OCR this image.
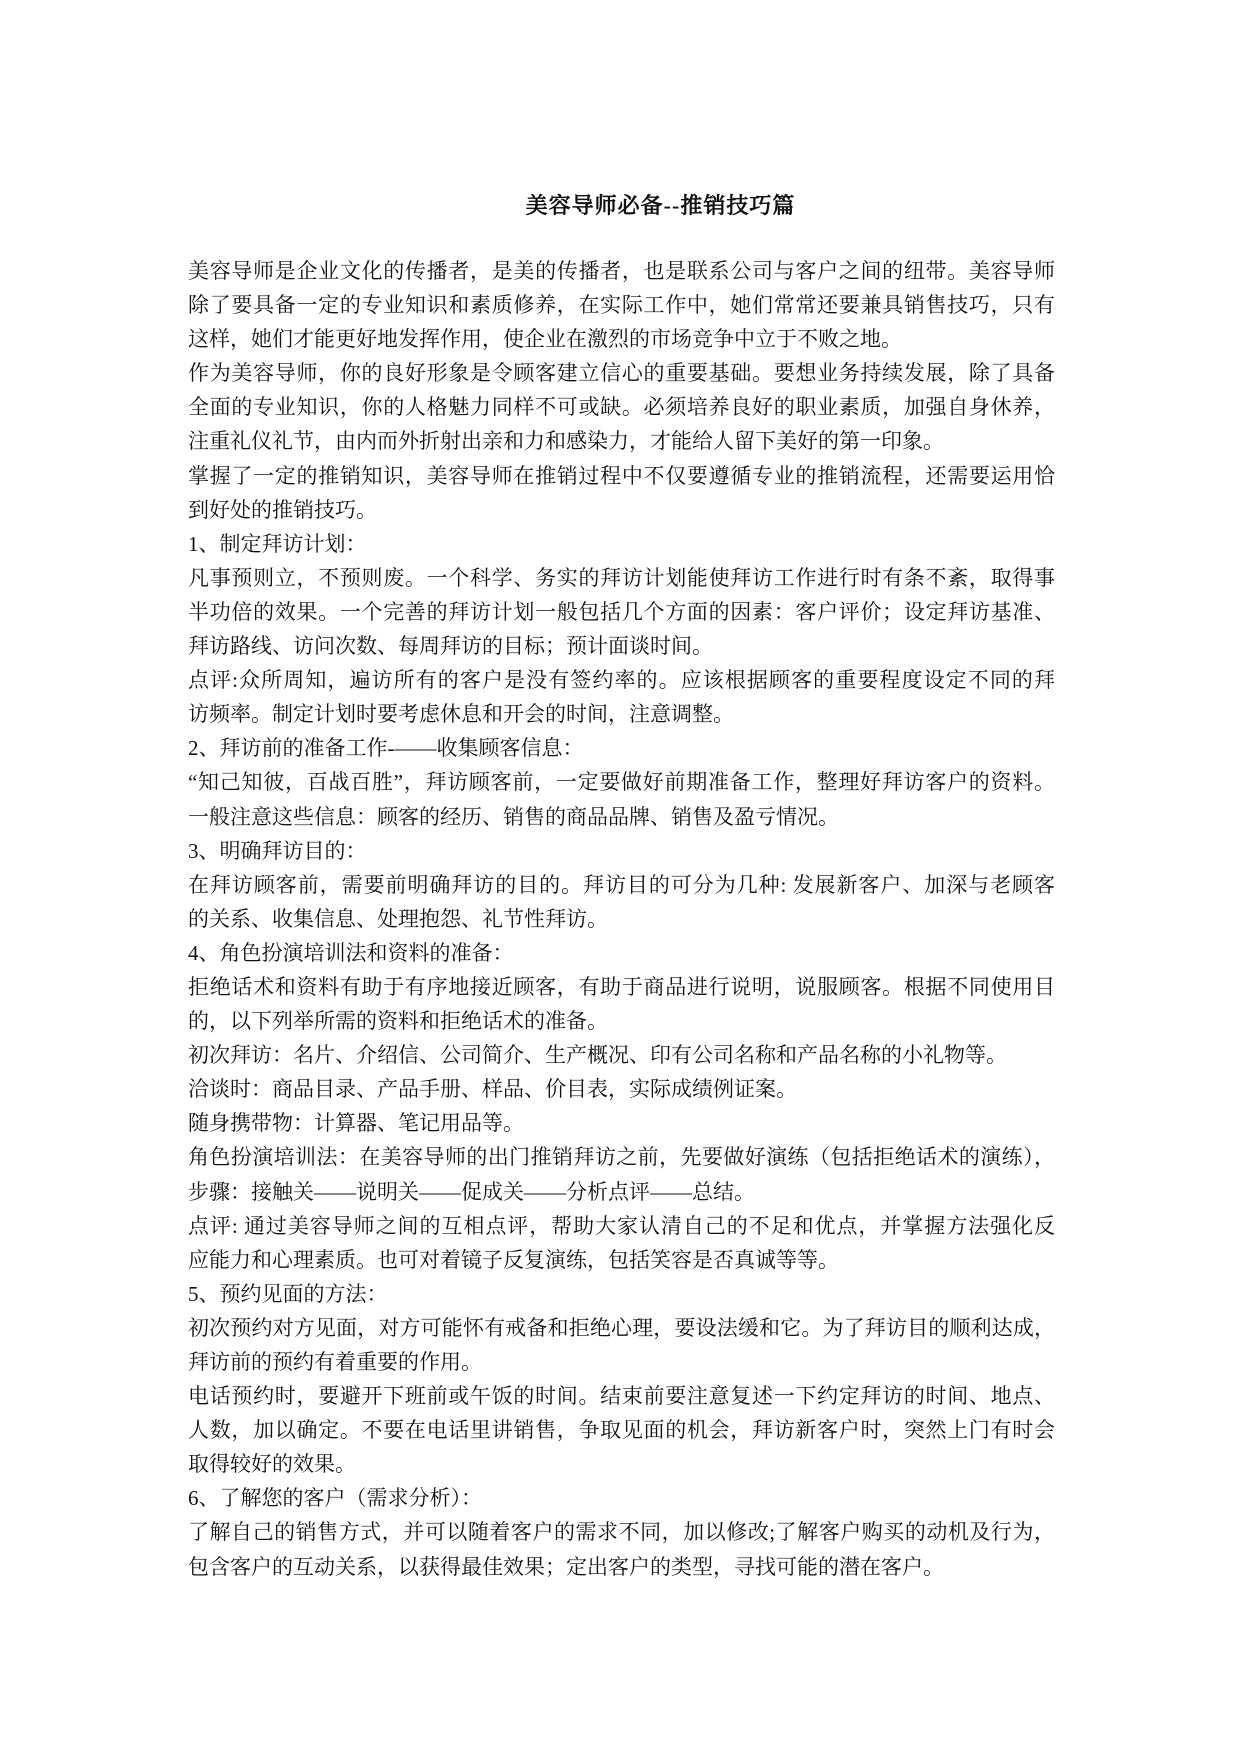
美容导师必备--推销技巧篇
美容导师是企业文化的传播者，是美的传播者，也是联系公司与客户之间的纽带。美容导师
除了要具备一定的专业知识和素质修养，在实际工作中，她们常常还要兼具销售技巧，只有
这样，她们才能更好地发挥作用，使企业在激烈的市场竞争中立于不败之地。
作为美容导师，你的良好形象是令顾客建立信心的重要基础。要想业务持续发展，除了具备
全面的专业知识，你的人格魅力同样不可或缺。必须培养良好的职业素质，加强自身休养，
注重礼仪礼节，由内而外折射出亲和力和感染力，才能给人留下美好的第一印象。
掌握了一定的推销知识，美容导师在推销过程中不仅要遵循专业的推销流程，还需要运用恰
到好处的推销技巧。
1、制定拜访计划：
凡事预则立，不预则废。一个科学、务实的拜访计划能使拜访工作进行时有条不紊，取得事
半功倍的效果。一个完善的拜访计划一般包括几个方面的因素：客户评价；设定拜访基准、
拜访路线、访问次数、每周拜访的目标；预计面谈时间。
点评:众所周知，遍访所有的客户是没有签约率的。应该根据顾客的重要程度设定不同的拜
访频率。制定计划时要考虑休息和开会的时间，注意调整。
2、拜访前的准备工作-——收集顾客信息：
“知己知彼，百战百胜”，拜访顾客前，一定要做好前期准备工作，整理好拜访客户的资料。
一般注意这些信息：顾客的经历、销售的商品品牌、销售及盈亏情况。
3、明确拜访目的：
在拜访顾客前，需要前明确拜访的目的。拜访目的可分为几种: 发展新客户、加深与老顾客
的关系、收集信息、处理抱怨、礼节性拜访。
4、角色扮演培训法和资料的准备：
拒绝话术和资料有助于有序地接近顾客，有助于商品进行说明，说服顾客。根据不同使用目
的，以下列举所需的资料和拒绝话术的准备。
初次拜访：名片、介绍信、公司简介、生产概况、印有公司名称和产品名称的小礼物等。
洽谈时：商品目录、产品手册、样品、价目表，实际成绩例证案。
随身携带物：计算器、笔记用品等。
角色扮演培训法：在美容导师的出门推销拜访之前，先要做好演练（包括拒绝话术的演练），
步骤：接触关——说明关——促成关——分析点评——总结。
点评: 通过美容导师之间的互相点评，帮助大家认清自己的不足和优点，并掌握方法强化反
应能力和心理素质。也可对着镜子反复演练，包括笑容是否真诚等等。
5、预约见面的方法：
初次预约对方见面，对方可能怀有戒备和拒绝心理，要设法缓和它。为了拜访目的顺利达成，
拜访前的预约有着重要的作用。
电话预约时，要避开下班前或午饭的时间。结束前要注意复述一下约定拜访的时间、地点、
人数，加以确定。不要在电话里讲销售，争取见面的机会，拜访新客户时，突然上门有时会
取得较好的效果。
6、了解您的客户（需求分析）：
了解自己的销售方式，并可以随着客户的需求不同，加以修改;了解客户购买的动机及行为，
包含客户的互动关系，以获得最佳效果；定出客户的类型，寻找可能的潜在客户。
